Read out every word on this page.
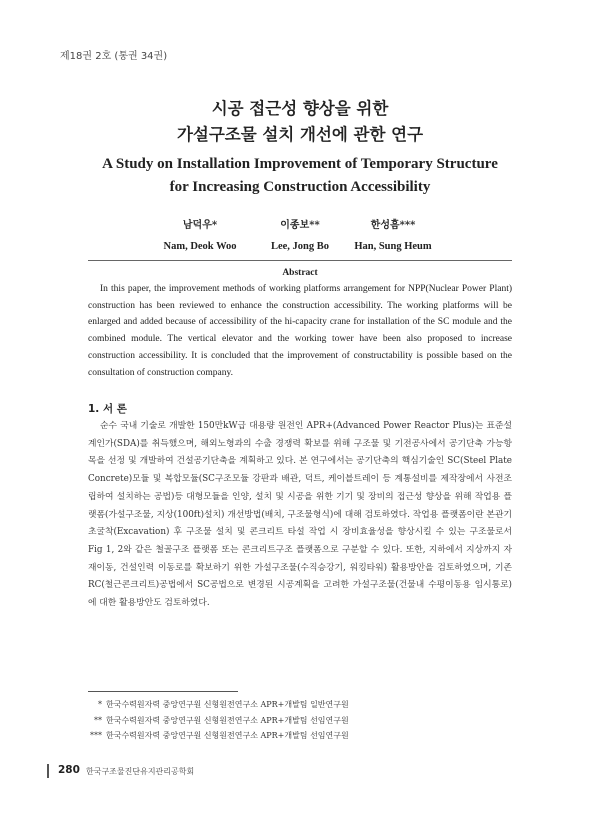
제18권 2호 (통권 34권)
시공 접근성 향상을 위한
가설구조물 설치 개선에 관한 연구
A Study on Installation Improvement of Temporary Structure
for Increasing Construction Accessibility
남덕우*
Nam, Deok Woo
이종보**
Lee, Jong Bo
한성흠***
Han, Sung Heum
Abstract

In this paper, the improvement methods of working platforms arrangement for NPP(Nuclear Power Plant) construction has been reviewed to enhance the construction accessibility. The working platforms will be enlarged and added because of accessibility of the hi-capacity crane for installation of the SC module and the combined module. The vertical elevator and the working tower have been also proposed to increase construction accessibility. It is concluded that the improvement of constructability is possible based on the consultation of construction company.

1. 서 론

순수 국내 기술로 개발한 150만kW급 대용량 원전인 APR+(Advanced Power Reactor Plus)는 표준설계인가(SDA)를 취득했으며, 해외노형과의 수출 경쟁력 확보를 위해 구조물 및 기전공사에서 공기단축 가능항목을 선정 및 개발하여 건설공기단축을 계획하고 있다. 본 연구에서는 공기단축의 핵심기술인 SC(Steel Plate Concrete)모듈 및 복합모듈(SC구조모듈 강판과 배관, 덕트, 케이블트레이 등 계통설비를 제작장에서 사전조립하여 설치하는 공법)등 대형모듈을 인양, 설치 및 시공을 위한 기기 및 장비의 접근성 향상을 위해 작업용 플랫폼(가설구조물, 지상(100ft)설치) 개선방법(배치, 구조물형식)에 대해 검토하였다. 작업용 플랫폼이란 본관기초굴착(Excavation) 후 구조물 설치 및 콘크리트 타설 작업 시 장비효율성을 향상시킬 수 있는 구조물로서 Fig 1, 2와 같은 철골구조 플랫폼 또는 콘크리트구조 플랫폼으로 구분할 수 있다. 또한, 지하에서 지상까지 자재이동, 건설인력 이동로를 확보하기 위한 가설구조물(수직승강기, 워킹타워) 활용방안을 검토하였으며, 기존 RC(철근콘크리트)공법에서 SC공법으로 변경된 시공계획을 고려한 가설구조물(건물내 수평이동용 임시통로)에 대한 활용방안도 검토하였다.

* 한국수력원자력 중앙연구원 신형원전연구소 APR+개발팀 일반연구원
** 한국수력원자력 중앙연구원 신형원전연구소 APR+개발팀 선임연구원
*** 한국수력원자력 중앙연구원 신형원전연구소 APR+개발팀 선임연구원
280 한국구조물진단유지관리공학회
